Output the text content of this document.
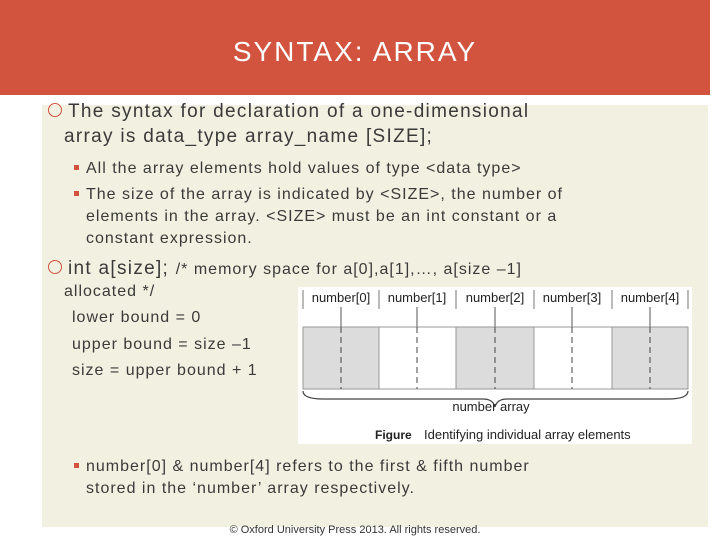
SYNTAX: ARRAY
The syntax for declaration of a one-dimensional
array is data_type array_name [SIZE];
All the array elements hold values of type <data type>
The size of the array is indicated by <SIZE>, the number of
elements in the array. <SIZE> must be an int constant or a
constant expression.
int a[size]; /* memory space for a[0],a[1],…, a[size –1]
allocated */
lower bound = 0
upper bound = size –1
size = upper bound + 1
number[0] number[1] number[2] number[3] number[4]
number array
Figure Identifying individual array elements
number[0] & number[4] refers to the first & fifth number
stored in the ‘number’ array respectively.
© Oxford University Press 2013. All rights reserved.
